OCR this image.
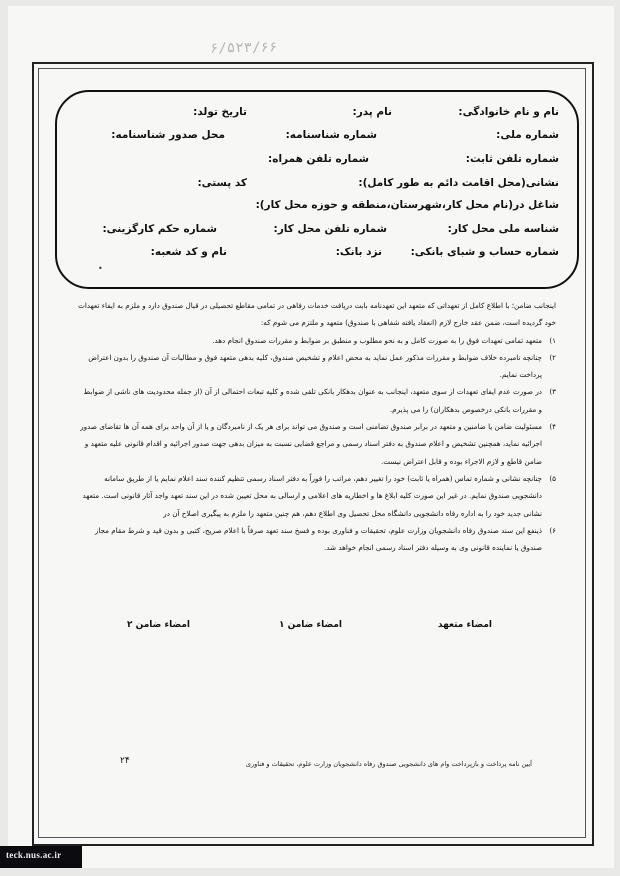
۶/۵۲۳/۶۶
نام و نام خانوادگی:
نام پدر:
تاریخ تولد:
شماره ملی:
شماره شناسنامه:
محل صدور شناسنامه:
شماره تلفن ثابت:
شماره تلفن همراه:
نشانی(محل اقامت دائم به طور کامل):
کد پستی:
شاغل در(نام محل کار،شهرستان،منطقه و حوزه محل کار):
شناسه ملی محل کار:
شماره تلفن محل کار:
شماره حکم کارگزینی:
شماره حساب و شبای بانکی:
نزد بانک:
نام و کد شعبه:
•

اینجانب ضامن؛ با اطلاع کامل از تعهداتی که متعهد این تعهدنامه بابت دریافت خدمات رفاهی در تمامی مقاطع تحصیلی در قبال صندوق دارد و ملزم به ایفاء تعهدات خود گردیده است، ضمن عقد خارج لازم (انعقاد یافته شفاهی با صندوق) متعهد و ملتزم می شوم که:

۱)
متعهد تمامی تعهدات فوق را به صورت کامل و به نحو مطلوب و منطبق بر ضوابط و مقررات صندوق انجام دهد.
۲)
چنانچه نامبرده خلاف ضوابط و مقررات مذکور عمل نماید به محض اعلام و تشخیص صندوق، کلیه بدهی متعهد فوق و مطالبات آن صندوق را بدون اعتراض پرداخت نمایم.
۳)
در صورت عدم ایفای تعهدات از سوی متعهد، اینجانب به عنوان بدهکار بانکی تلقی شده و کلیه تبعات احتمالی از آن (از جمله محدودیت های ناشی از ضوابط و مقررات بانکی درخصوص بدهکاران) را می پذیرم.
۴)
مسئولیت ضامن یا ضامنین و متعهد در برابر صندوق تضامنی است و صندوق می تواند برای هر یک از نامبردگان و یا از آن واحد برای همه آن ها تقاضای صدور اجرائیه نماید، همچنین تشخیص و اعلام صندوق به دفتر اسناد رسمی و مراجع قضایی نسبت به میزان بدهی جهت صدور اجرائیه و اقدام قانونی علیه متعهد و ضامن قاطع و لازم الاجراء بوده و قابل اعتراض نیست.
۵)
چنانچه نشانی و شماره تماس (همراه یا ثابت) خود را تغییر دهم، مراتب را فوراً به دفتر اسناد رسمی تنظیم کننده سند اعلام نمایم یا از طریق سامانه دانشجویی صندوق نمایم. در غیر این صورت کلیه ابلاغ ها و اخطاریه های اعلامی و ارسالی به محل تعیین شده در این سند تعهد واجد آثار قانونی است. متعهد نشانی جدید خود را به اداره رفاه دانشجویی دانشگاه محل تحصیل وی اطلاع دهم، هم چنین متعهد را ملزم به پیگیری اصلاح آن در
۶)
ذینفع این سند صندوق رفاه دانشجویان وزارت علوم، تحقیقات و فناوری بوده و فسخ سند تعهد صرفاً با اعلام صریح، کتبی و بدون قید و شرط مقام مجاز صندوق یا نماینده قانونی وی به وسیله دفتر اسناد رسمی انجام خواهد شد.
امضاء متعهد
امضاء ضامن ۱
امضاء ضامن ۲
آیین نامه پرداخت و بازپرداخت وام های دانشجویی صندوق رفاه دانشجویان وزارت علوم، تحقیقات و فناوری
۲۴
teck.nus.ac.ir
